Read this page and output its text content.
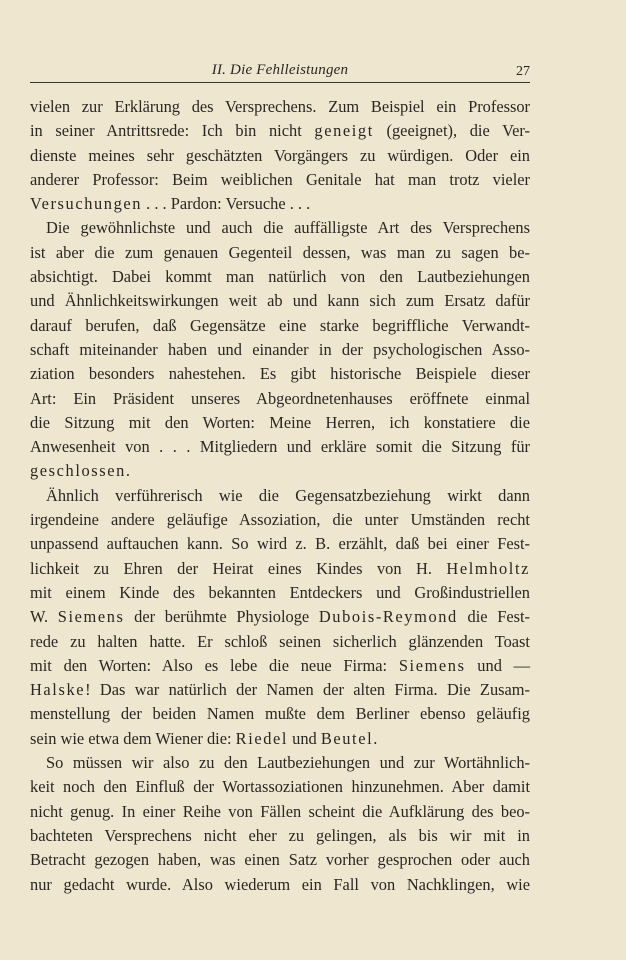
II. Die Fehlleistungen	27
vielen zur Erklärung des Versprechens. Zum Beispiel ein Professor
in seiner Antrittsrede: Ich bin nicht geneigt (geeignet), die Ver-
dienste meines sehr geschätzten Vorgängers zu würdigen. Oder ein
anderer Professor: Beim weiblichen Genitale hat man trotz vieler
Versuchungen . . . Pardon: Versuche . . .
Die gewöhnlichste und auch die auffälligste Art des Versprechens
ist aber die zum genauen Gegenteil dessen, was man zu sagen be-
absichtigt. Dabei kommt man natürlich von den Lautbeziehungen
und Ähnlichkeitswirkungen weit ab und kann sich zum Ersatz dafür
darauf berufen, daß Gegensätze eine starke begriffliche Verwandt-
schaft miteinander haben und einander in der psychologischen Asso-
ziation besonders nahestehen. Es gibt historische Beispiele dieser
Art: Ein Präsident unseres Abgeordnetenhauses eröffnete einmal
die Sitzung mit den Worten: Meine Herren, ich konstatiere die
Anwesenheit von . . . Mitgliedern und erkläre somit die Sitzung für
geschlossen.
Ähnlich verführerisch wie die Gegensatzbeziehung wirkt dann
irgendeine andere geläufige Assoziation, die unter Umständen recht
unpassend auftauchen kann. So wird z. B. erzählt, daß bei einer Fest-
lichkeit zu Ehren der Heirat eines Kindes von H. Helmholtz
mit einem Kinde des bekannten Entdeckers und Großindustriellen
W. Siemens der berühmte Physiologe Dubois-Reymond die Fest-
rede zu halten hatte. Er schloß seinen sicherlich glänzenden Toast
mit den Worten: Also es lebe die neue Firma: Siemens und —
Halske! Das war natürlich der Namen der alten Firma. Die Zusam-
menstellung der beiden Namen mußte dem Berliner ebenso geläufig
sein wie etwa dem Wiener die: Riedel und Beutel.
So müssen wir also zu den Lautbeziehungen und zur Wortähnlich-
keit noch den Einfluß der Wortassoziationen hinzunehmen. Aber damit
nicht genug. In einer Reihe von Fällen scheint die Aufklärung des beo-
bachteten Versprechens nicht eher zu gelingen, als bis wir mit in
Betracht gezogen haben, was einen Satz vorher gesprochen oder auch
nur gedacht wurde. Also wiederum ein Fall von Nachklingen, wie
